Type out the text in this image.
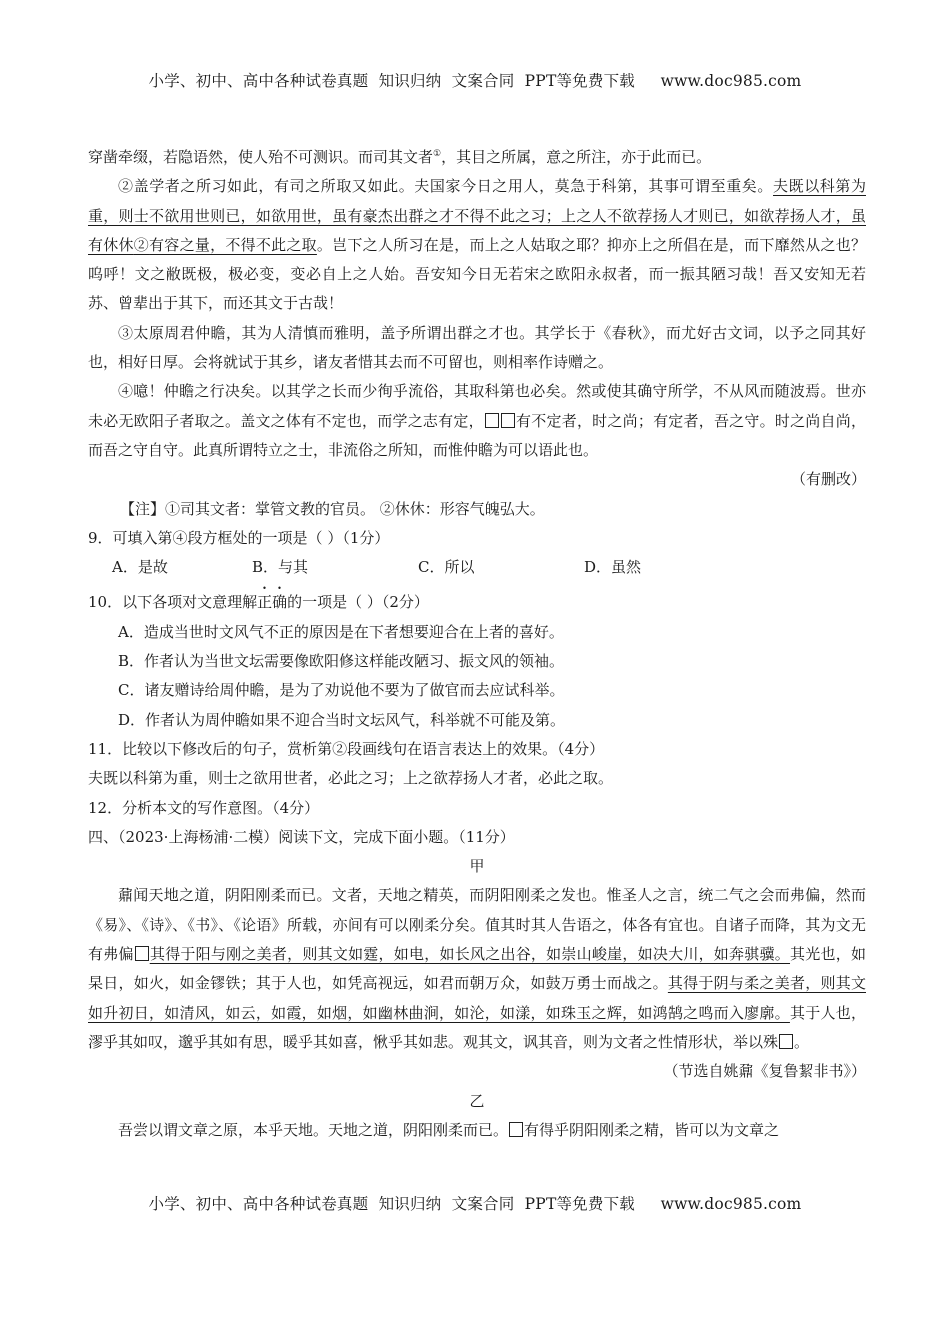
小学、初中、高中各种试卷真题  知识归纳  文案合同  PPT等免费下载     www.doc985.com

穿凿牵缀，若隐语然，使人殆不可测识。而司其文者①，其目之所属，意之所注，亦于此而已。

②盖学者之所习如此，有司之所取又如此。夫国家今日之用人，莫急于科第，其事可谓至重矣。夫既以科第为重，则士不欲用世则已，如欲用世，虽有豪杰出群之才不得不此之习；上之人不欲荐扬人才则已，如欲荐扬人才，虽有休休②有容之量，不得不此之取。岂下之人所习在是，而上之人姑取之耶？抑亦上之所倡在是，而下靡然从之也？呜呼！文之敝既极，极必变，变必自上之人始。吾安知今日无若宋之欧阳永叔者，而一振其陋习哉！吾又安知无若苏、曾辈出于其下，而还其文于古哉！

③太原周君仲瞻，其为人清慎而雅明，盖予所谓出群之才也。其学长于《春秋》，而尤好古文词，以予之同其好也，相好日厚。会将就试于其乡，诸友者惜其去而不可留也，则相率作诗赠之。

④噫！仲瞻之行决矣。以其学之长而少徇乎流俗，其取科第也必矣。然或使其确守所学，不从风而随波焉。世亦未必无欧阳子者取之。盖文之体有不定也，而学之志有定， 有不定者，时之尚；有定者，吾之守。时之尚自尚，而吾之守自守。此真所谓特立之士，非流俗之所知，而惟仲瞻为可以语此也。

（有删改）

【注】①司其文者：掌管文教的官员。 ②休休：形容气魄弘大。

9．可填入第④段方框处的一项是（ ）（1分）

A．是故	B．与其	C．所以	D．虽然

10．以下各项对文意理解正确的一项是（ ）（2分）

A．造成当世时文风气不正的原因是在下者想要迎合在上者的喜好。

B．作者认为当世文坛需要像欧阳修这样能改陋习、振文风的领袖。

C．诸友赠诗给周仲瞻，是为了劝说他不要为了做官而去应试科举。

D．作者认为周仲瞻如果不迎合当时文坛风气，科举就不可能及第。

11．比较以下修改后的句子，赏析第②段画线句在语言表达上的效果。（4分）

夫既以科第为重，则士之欲用世者，必此之习；上之欲荐扬人才者，必此之取。

12．分析本文的写作意图。（4分）

四、（2023·上海杨浦·二模）阅读下文，完成下面小题。（11分）

甲

鼐闻天地之道，阴阳刚柔而已。文者，天地之精英，而阴阳刚柔之发也。惟圣人之言，统二气之会而弗偏，然而《易》、《诗》、《书》、《论语》所载，亦间有可以刚柔分矣。值其时其人告语之，体各有宜也。自诸子而降，其为文无有弗偏 其得于阳与刚之美者，则其文如霆，如电，如长风之出谷，如崇山峻崖，如决大川，如奔骐骥。其光也，如杲日，如火，如金镠铁；其于人也，如凭高视远，如君而朝万众，如鼓万勇士而战之。其得于阴与柔之美者，则其文如升初日，如清风，如云，如霞，如烟，如幽林曲涧，如沦，如漾，如珠玉之辉，如鸿鹄之鸣而入廖廓。其于人也，漻乎其如叹，邈乎其如有思，暖乎其如喜，愀乎其如悲。观其文，讽其音，则为文者之性情形状，举以殊 。

（节选自姚鼐《复鲁絜非书》）

乙

吾尝以谓文章之原，本乎天地。天地之道，阴阳刚柔而已。 有得乎阴阳刚柔之精，皆可以为文章之

小学、初中、高中各种试卷真题  知识归纳  文案合同  PPT等免费下载     www.doc985.com
